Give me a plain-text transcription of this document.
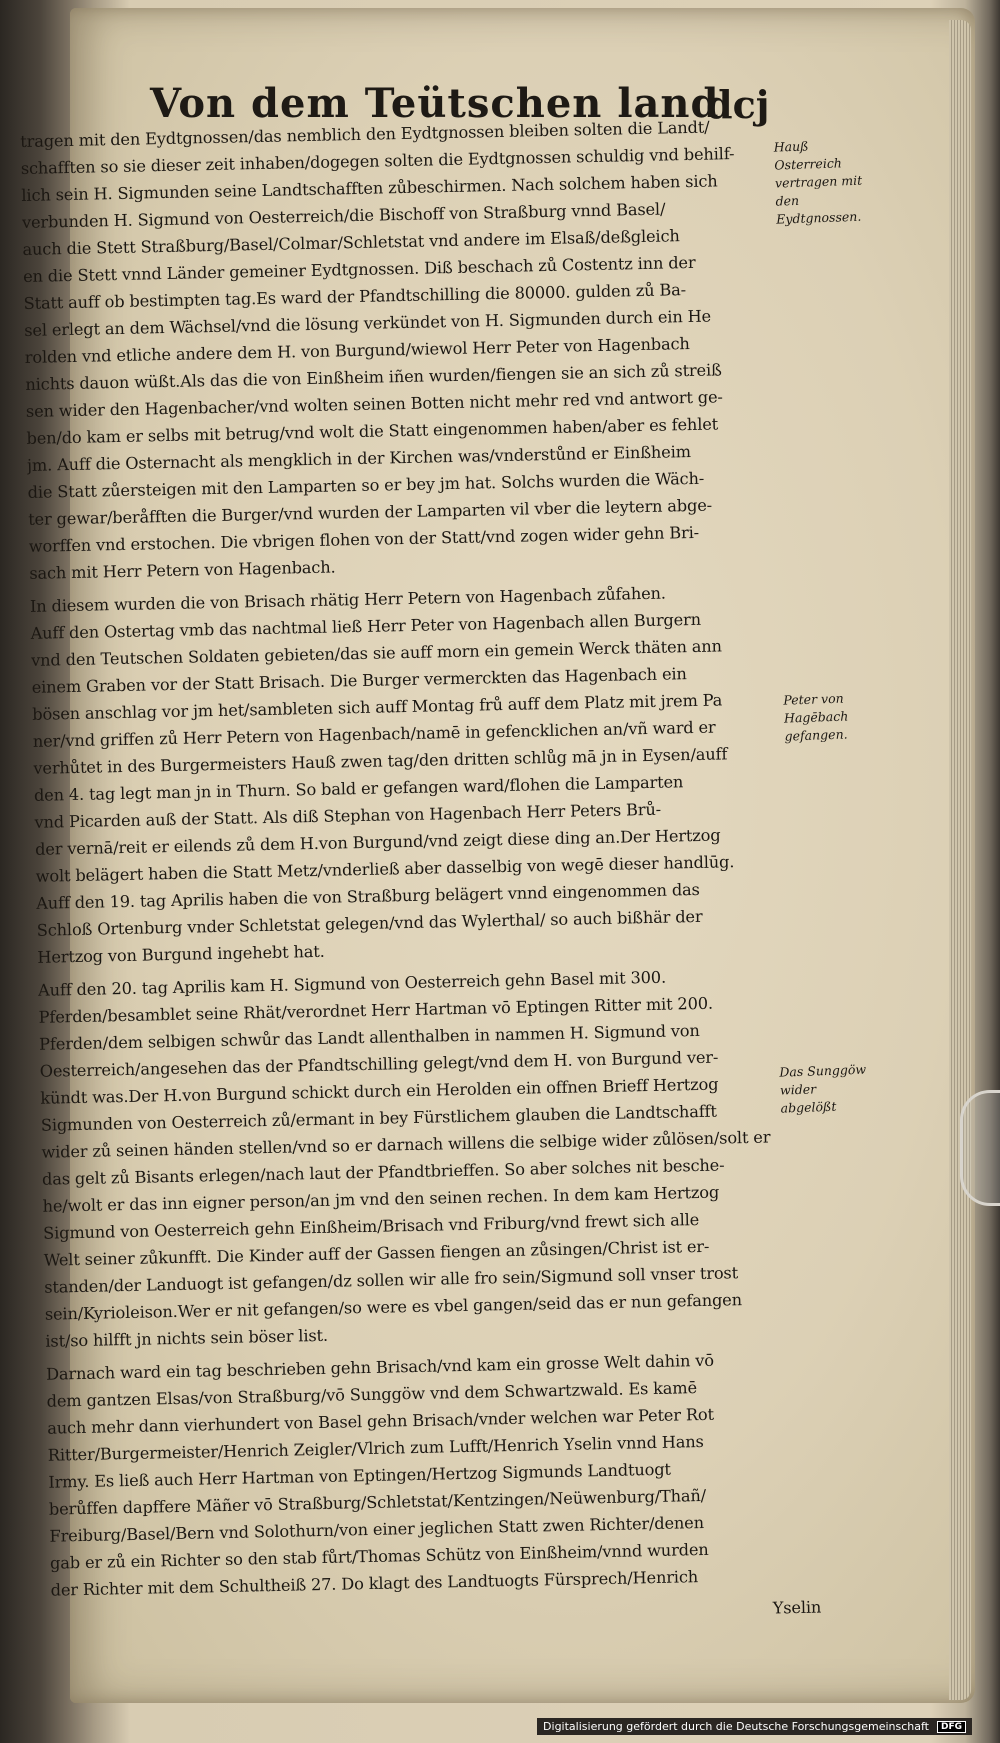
Von dem Teütschen land
dcj

tragen mit den Eydtgnossen/das nemblich den Eydtgnossen bleiben solten die Landt/
schafften so sie dieser zeit inhaben/dogegen solten die Eydtgnossen schuldig vnd behilf-
lich sein H. Sigmunden seine Landtschafften zůbeschirmen. Nach solchem haben sich
verbunden H. Sigmund von Oesterreich/die Bischoff von Straßburg vnnd Basel/
auch die Stett Straßburg/Basel/Colmar/Schletstat vnd andere im Elsaß/deßgleich
en die Stett vnnd Länder gemeiner Eydtgnossen. Diß beschach zů Costentz inn der
Statt auff ob bestimpten tag.Es ward der Pfandtschilling die 80000. gulden zů Ba-
sel erlegt an dem Wächsel/vnd die lösung verkündet von H. Sigmunden durch ein He
rolden vnd etliche andere dem H. von Burgund/wiewol Herr Peter von Hagenbach
nichts dauon wüßt.Als das die von Einßheim iñen wurden/fiengen sie an sich zů streiß
sen wider den Hagenbacher/vnd wolten seinen Botten nicht mehr red vnd antwort ge-
ben/do kam er selbs mit betrug/vnd wolt die Statt eingenommen haben/aber es fehlet
jm. Auff die Osternacht als mengklich in der Kirchen was/vnderstůnd er Einßheim
die Statt zůersteigen mit den Lamparten so er bey jm hat. Solchs wurden die Wäch-
ter gewar/beråfften die Burger/vnd wurden der Lamparten vil vber die leytern abge-
worffen vnd erstochen. Die vbrigen flohen von der Statt/vnd zogen wider gehn Bri-
sach mit Herr Petern von Hagenbach.

In diesem wurden die von Brisach rhätig Herr Petern von Hagenbach zůfahen.
Auff den Ostertag vmb das nachtmal ließ Herr Peter von Hagenbach allen Burgern
vnd den Teutschen Soldaten gebieten/das sie auff morn ein gemein Werck thäten ann
einem Graben vor der Statt Brisach. Die Burger vermerckten das Hagenbach ein
bösen anschlag vor jm het/sambleten sich auff Montag frů auff dem Platz mit jrem Pa
ner/vnd griffen zů Herr Petern von Hagenbach/namē in gefencklichen an/vñ ward er
verhůtet in des Burgermeisters Hauß zwen tag/den dritten schlůg mā jn in Eysen/auff
den 4. tag legt man jn in Thurn. So bald er gefangen ward/flohen die Lamparten
vnd Picarden auß der Statt. Als diß Stephan von Hagenbach Herr Peters Brů-
der vernā/reit er eilends zů dem H.von Burgund/vnd zeigt diese ding an.Der Hertzog
wolt belägert haben die Statt Metz/vnderließ aber dasselbig von wegē dieser handlūg.
Auff den 19. tag Aprilis haben die von Straßburg belägert vnnd eingenommen das
Schloß Ortenburg vnder Schletstat gelegen/vnd das Wylerthal/ so auch bißhär der
Hertzog von Burgund ingehebt hat.

Auff den 20. tag Aprilis kam H. Sigmund von Oesterreich gehn Basel mit 300.
Pferden/besamblet seine Rhät/verordnet Herr Hartman vō Eptingen Ritter mit 200.
Pferden/dem selbigen schwůr das Landt allenthalben in nammen H. Sigmund von
Oesterreich/angesehen das der Pfandtschilling gelegt/vnd dem H. von Burgund ver-
kündt was.Der H.von Burgund schickt durch ein Herolden ein offnen Brieff Hertzog
Sigmunden von Oesterreich zů/ermant in bey Fürstlichem glauben die Landtschafft
wider zů seinen händen stellen/vnd so er darnach willens die selbige wider zůlösen/solt er
das gelt zů Bisants erlegen/nach laut der Pfandtbrieffen. So aber solches nit besche-
he/wolt er das inn eigner person/an jm vnd den seinen rechen. In dem kam Hertzog
Sigmund von Oesterreich gehn Einßheim/Brisach vnd Friburg/vnd frewt sich alle
Welt seiner zůkunfft. Die Kinder auff der Gassen fiengen an zůsingen/Christ ist er-
standen/der Landuogt ist gefangen/dz sollen wir alle fro sein/Sigmund soll vnser trost
sein/Kyrioleison.Wer er nit gefangen/so were es vbel gangen/seid das er nun gefangen
ist/so hilfft jn nichts sein böser list.

Darnach ward ein tag beschrieben gehn Brisach/vnd kam ein grosse Welt dahin vō
dem gantzen Elsas/von Straßburg/vō Sunggöw vnd dem Schwartzwald. Es kamē
auch mehr dann vierhundert von Basel gehn Brisach/vnder welchen war Peter Rot
Ritter/Burgermeister/Henrich Zeigler/Vlrich zum Lufft/Henrich Yselin vnnd Hans
Irmy. Es ließ auch Herr Hartman von Eptingen/Hertzog Sigmunds Landtuogt
berůffen dapffere Mäñer vō Straßburg/Schletstat/Kentzingen/Neüwenburg/Thañ/
Freiburg/Basel/Bern vnd Solothurn/von einer jeglichen Statt zwen Richter/denen
gab er zů ein Richter so den stab fůrt/Thomas Schütz von Einßheim/vnnd wurden
der Richter mit dem Schultheiß 27. Do klagt des Landtuogts Fürsprech/Henrich

Yselin
Hauß Osterreich vertragen mit den Eydtgnossen.
Peter von Hagēbach gefangen.
Das Sunggöw wider abgelößt
Digitalisierung gefördert durch die Deutsche Forschungsgemeinschaft	DFG
